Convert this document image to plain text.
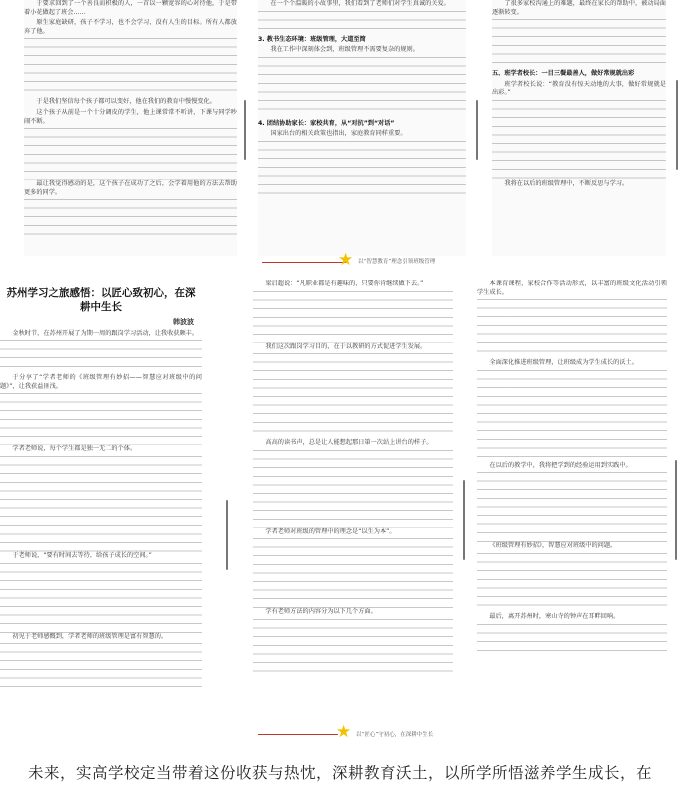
于要求回到了一个善良而积极的人，一首以一颗宽容的心对待他，于是带着小花做起了班会……

原生家庭缺研，孩子不学习，也不会学习，没有人生的目标。所有人都放弃了他。

于是我们坚信每个孩子都可以变好，他在我们的教育中慢慢变化。

这个孩子从前是一个十分调皮的学生，他上课常常不听讲，下课与同学吵闹不断。

最让我觉得感动的是，这个孩子在成功了之后，会学着用他的方法去帮助更多的同学。

在一个个温暖的小故事里，我们看到了老师们对学生真诚的关爱。

3. 教书生态环境：班级管理，大道至简

我在工作中深刻体会到，班级管理不需要复杂的规则。

4. 团结协助家长：家校共育，从“对抗”到“对话”

国家出台的相关政策也指出，家庭教育同样重要。

了很多家校沟通上的难题，最终在家长的帮助中，被动局面逐渐转变。

五、班学者校长：一目三餐最善人，做好常规就出彩

班学者校长说：“教育没有惊天动地的大事，做好常规就是出彩。”

我将在以后的班级管理中，不断反思与学习。

★ 以“智慧教育”理念引领班级管理
苏州学习之旅感悟：以匠心致初心，在深耕中生长
韩波波

金秋时节，在苏州开展了为期一周的跟岗学习活动，让我收获颇丰。

于分享了“学者老师的《班级管理有妙招——智慧应对班级中的问题》”，让我获益匪浅。

学者老师说，每个学生都是独一无二的个体。

于老师说，“要有时间去等待，给孩子成长的空间。”

初见于老师感慨到，学者老师的班级管理是富有智慧的。

梁启超说：“凡职业都是有趣味的，只要你肯继续做下去。”

我们这次跟岗学习目的，在于以教研的方式促进学生发展。

高高的读书声，总是让人能想起那日第一次站上讲台的样子。

学者老师对班级的管理中的理念是“以生为本”。

学有老师方法的内容分为以下几个方面。

本课育课程，家校合作等活动形式，以丰富的班级文化活动引领学生成长。

全面深化推进班级管理，让班级成为学生成长的沃土。

在以后的教学中，我将把学到的经验运用到实践中。

《班级管理有妙招》，智慧应对班级中的问题。

最后，离开苏州时，寒山寺的钟声在耳畔回响。

★ 以“匠心”守初心，在深耕中生长
未来，实高学校定当带着这份收获与热忱，深耕教育沃土，以所学所悟滋养学生成长，在
